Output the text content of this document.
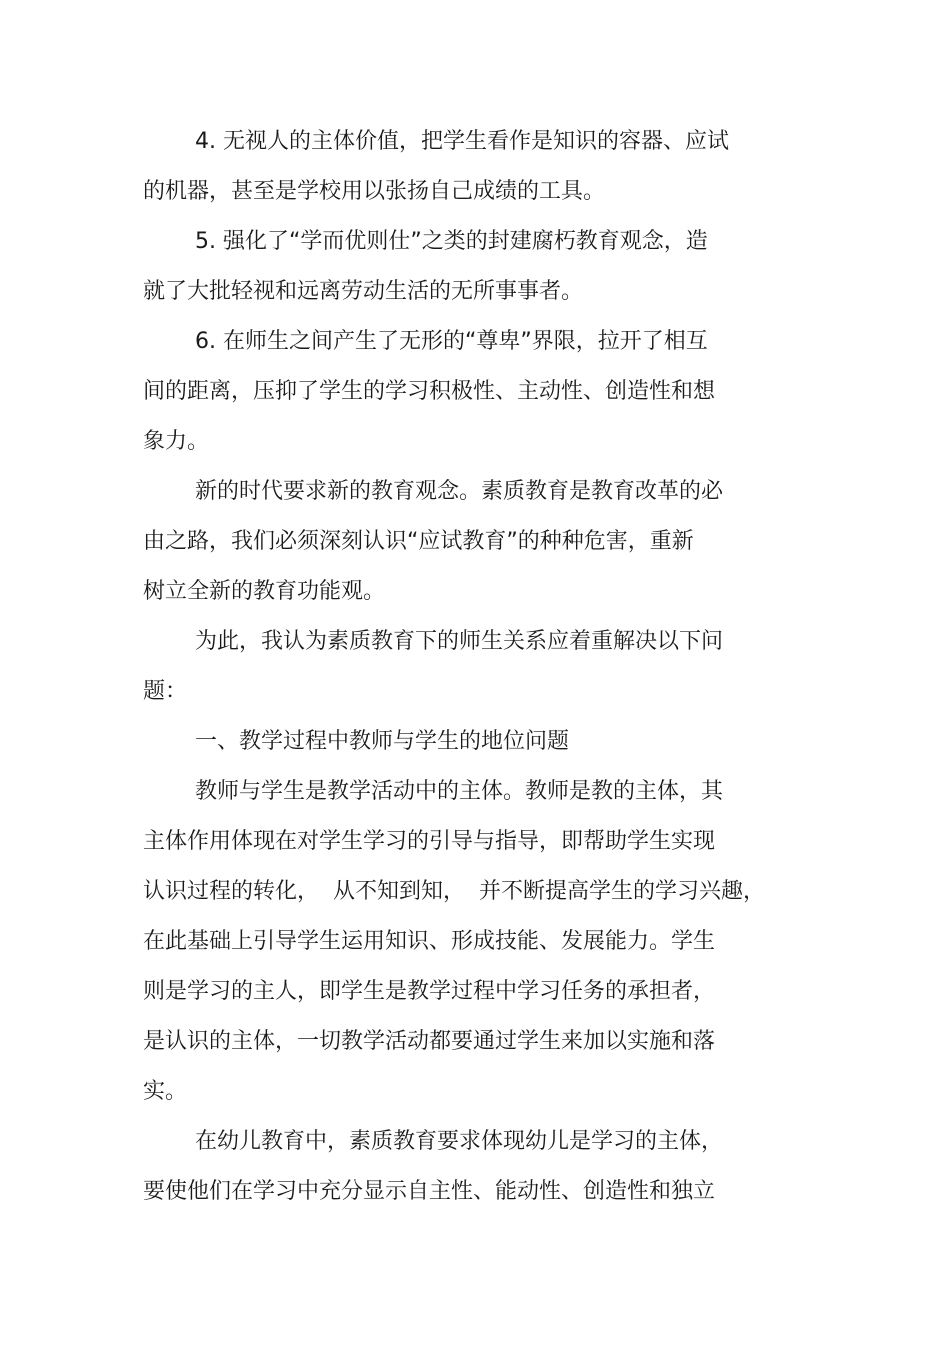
4. 无视人的主体价值，把学生看作是知识的容器、应试

的机器，甚至是学校用以张扬自己成绩的工具。

5. 强化了“学而优则仕”之类的封建腐朽教育观念，造

就了大批轻视和远离劳动生活的无所事事者。

6. 在师生之间产生了无形的“尊卑”界限，拉开了相互

间的距离，压抑了学生的学习积极性、主动性、创造性和想

象力。

新的时代要求新的教育观念。素质教育是教育改革的必

由之路，我们必须深刻认识“应试教育”的种种危害，重新

树立全新的教育功能观。

为此，我认为素质教育下的师生关系应着重解决以下问

题：

一、教学过程中教师与学生的地位问题

教师与学生是教学活动中的主体。教师是教的主体，其

主体作用体现在对学生学习的引导与指导，即帮助学生实现

认识过程的转化，  从不知到知，  并不断提高学生的学习兴趣，

在此基础上引导学生运用知识、形成技能、发展能力。学生

则是学习的主人，即学生是教学过程中学习任务的承担者，

是认识的主体，一切教学活动都要通过学生来加以实施和落

实。

在幼儿教育中，素质教育要求体现幼儿是学习的主体，

要使他们在学习中充分显示自主性、能动性、创造性和独立
